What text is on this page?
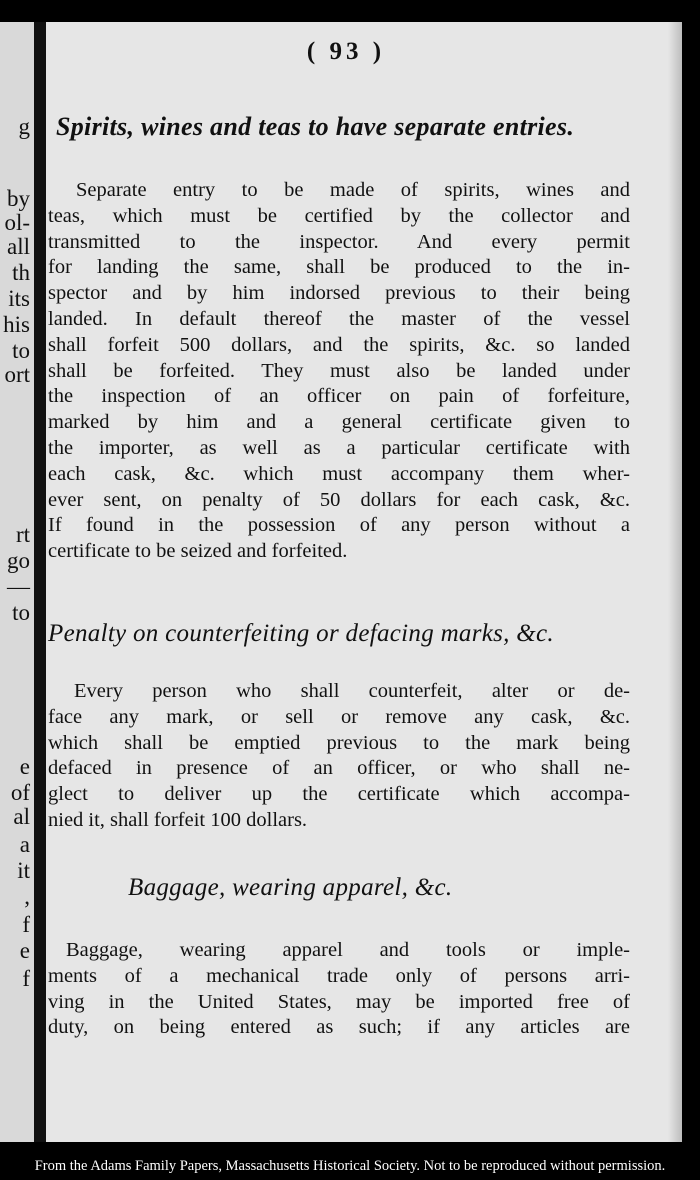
g
by
ol-
all
th
its
his
to
ort
rt
go
—
to
e
of
al
a
it
,
f
e
f
( 93 )
Spirits, wines and teas to have separate entries.
Separate entry to be made of spirits, wines and
teas, which must be certified by the collector and
transmitted to the inspector. And every permit
for landing the same, shall be produced to the in-
spector and by him indorsed previous to their being
landed. In default thereof the master of the vessel
shall forfeit 500 dollars, and the spirits, &c. so landed
shall be forfeited. They must also be landed under
the inspection of an officer on pain of forfeiture,
marked by him and a general certificate given to
the importer, as well as a particular certificate with
each cask, &c. which must accompany them wher-
ever sent, on penalty of 50 dollars for each cask, &c.
If found in the possession of any person without a
certificate to be seized and forfeited.
Penalty on counterfeiting or defacing marks, &c.
Every person who shall counterfeit, alter or de-
face any mark, or sell or remove any cask, &c.
which shall be emptied previous to the mark being
defaced in presence of an officer, or who shall ne-
glect to deliver up the certificate which accompa-
nied it, shall forfeit 100 dollars.
Baggage, wearing apparel, &c.
Baggage, wearing apparel and tools or imple-
ments of a mechanical trade only of persons arri-
ving in the United States, may be imported free of
duty, on being entered as such; if any articles are
From the Adams Family Papers, Massachusetts Historical Society. Not to be reproduced without permission.
